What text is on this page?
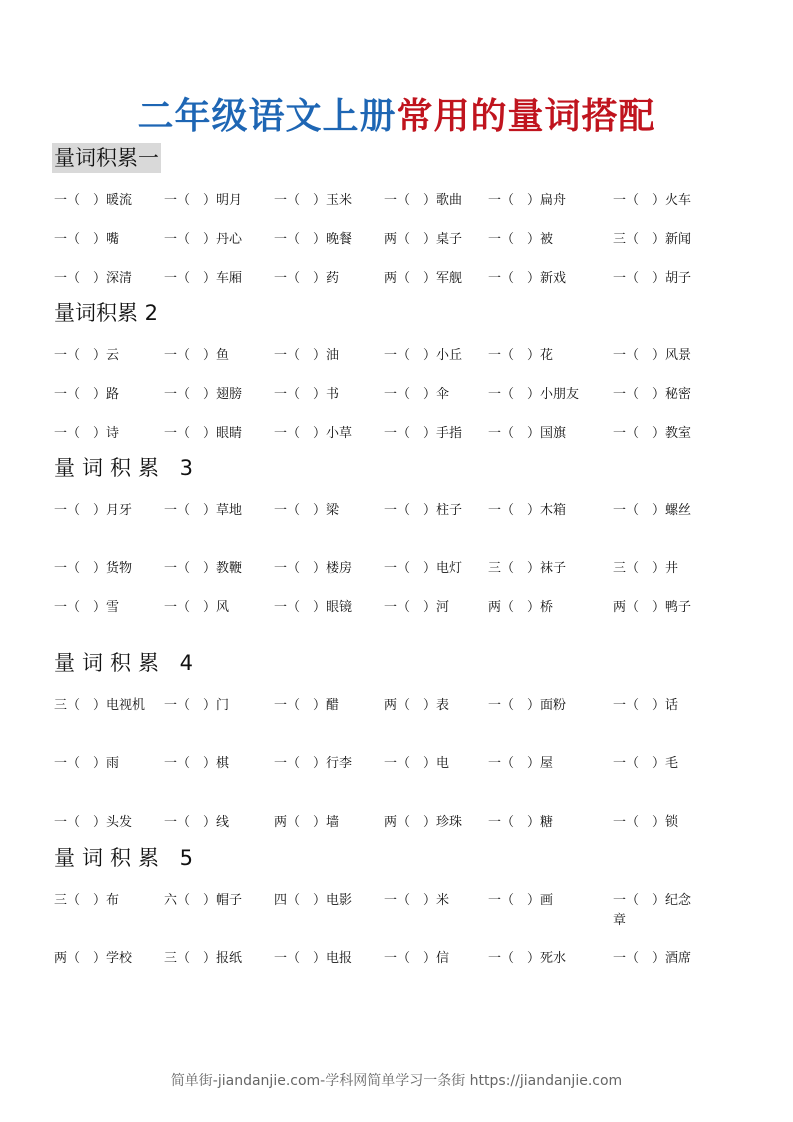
二年级语文上册常用的量词搭配
量词积累一
一（　）暖流 一（　）明月 一（　）玉米 一（　）歌曲 一（　）扁舟	一（　）火车
一（　）嘴	一（　）丹心 一（　）晚餐 两（　）桌子 一（　）被	三（　）新闻
一（　）深清 一（　）车厢 一（　）药	两（　）军舰 一（　）新戏	一（　）胡子
量词积累 2
一（　）云	一（　）鱼	一（　）油	一（　）小丘 一（　）花	一（　）风景
一（　）路	一（　）翅膀 一（　）书	一（　）伞	一（　）小朋友	一（　）秘密
一（　）诗	一（　）眼睛 一（　）小草 一（　）手指 一（　）国旗	一（　）教室
量词积累 3
一（　）月牙 一（　）草地 一（　）梁	一（　）柱子 一（　）木箱	一（　）螺丝
一（　）货物 一（　）教鞭 一（　）楼房 一（　）电灯 三（　）袜子	三（　）井
一（　）雪	一（　）风	一（　）眼镜 一（　）河	两（　）桥	两（　）鸭子
量词积累 4
三（　）电视机 一（　）门	一（　）醋	两（　）表	一（　）面粉	一（　）话
一（　）雨	一（　）棋	一（　）行李 一（　）电	一（　）屋	一（　）毛
一（　）头发 一（　）线	两（　）墙	两（　）珍珠 一（　）糖	一（　）锁
量词积累 5
三（　）布	六（　）帽子 四（　）电影 一（　）米	一（　）画	一（　）纪念章
两（　）学校 三（　）报纸 一（　）电报 一（　）信	一（　）死水	一（　）酒席
简单街-jiandanjie.com-学科网简单学习一条街 https://jiandanjie.com
